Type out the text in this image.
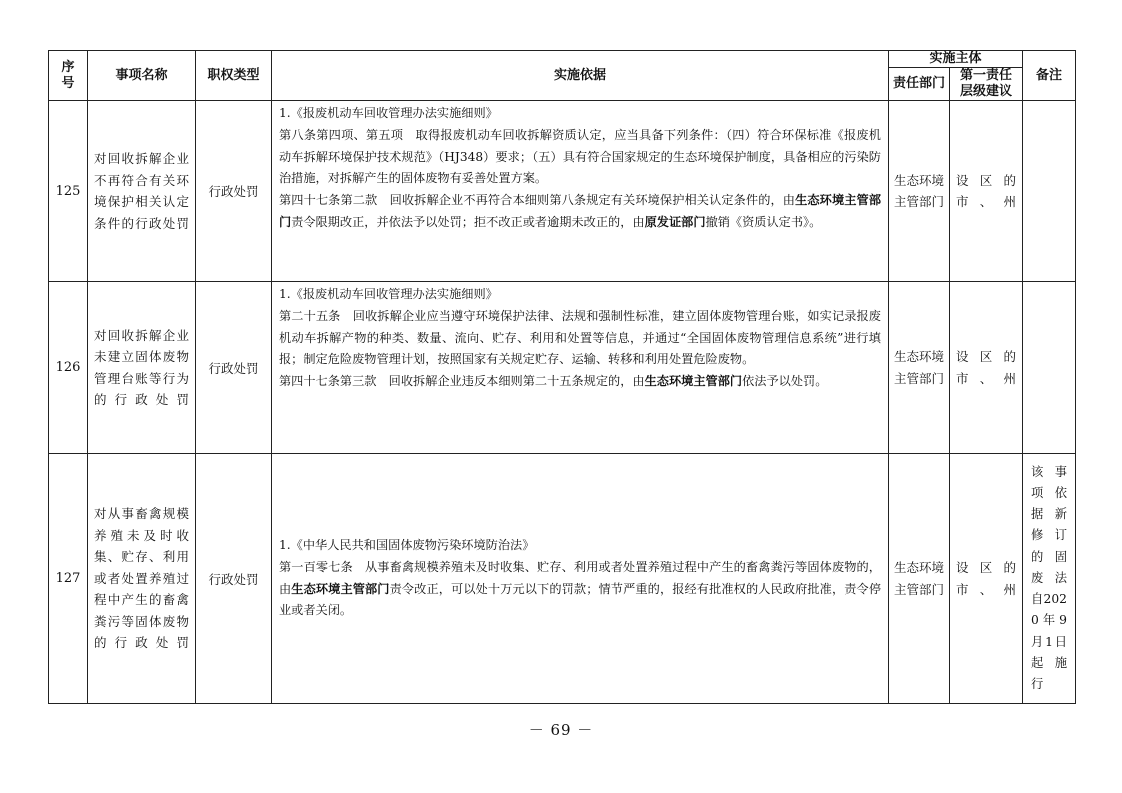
序号	事项名称	职权类型	实施依据	实施主体		备注
				责任部门	第一责任层级建议	
125	对回收拆解企业不再符合有关环境保护相关认定条件的行政处罚	行政处罚	1.《报废机动车回收管理办法实施细则》
第八条第四项、第五项　取得报废机动车回收拆解资质认定，应当具备下列条件：（四）符合环保标准《报废机动车拆解环境保护技术规范》（HJ348）要求；（五）具有符合国家规定的生态环境保护制度，具备相应的污染防治措施，对拆解产生的固体废物有妥善处置方案。
第四十七条第二款　回收拆解企业不再符合本细则第八条规定有关环境保护相关认定条件的，由生态环境主管部门责令限期改正，并依法予以处罚；拒不改正或者逾期未改正的，由原发证部门撤销《资质认定书》。	生态环境主管部门	设区的市、州	
126	对回收拆解企业未建立固体废物管理台账等行为的行政处罚	行政处罚	1.《报废机动车回收管理办法实施细则》
第二十五条　回收拆解企业应当遵守环境保护法律、法规和强制性标准，建立固体废物管理台账，如实记录报废机动车拆解产物的种类、数量、流向、贮存、利用和处置等信息，并通过“全国固体废物管理信息系统”进行填报；制定危险废物管理计划，按照国家有关规定贮存、运输、转移和利用处置危险废物。
第四十七条第三款　回收拆解企业违反本细则第二十五条规定的，由生态环境主管部门依法予以处罚。	生态环境主管部门	设区的市、州	
127	对从事畜禽规模养殖未及时收集、贮存、利用或者处置养殖过程中产生的畜禽粪污等固体废物的行政处罚	行政处罚	1.《中华人民共和国固体废物污染环境防治法》
第一百零七条　从事畜禽规模养殖未及时收集、贮存、利用或者处置养殖过程中产生的畜禽粪污等固体废物的，由生态环境主管部门责令改正，可以处十万元以下的罚款；情节严重的，报经有批准权的人民政府批准，责令停业或者关闭。	生态环境主管部门	设区的市、州	该事项依据新修订的固废法自2020年9月1日起施行
－ 69 －
